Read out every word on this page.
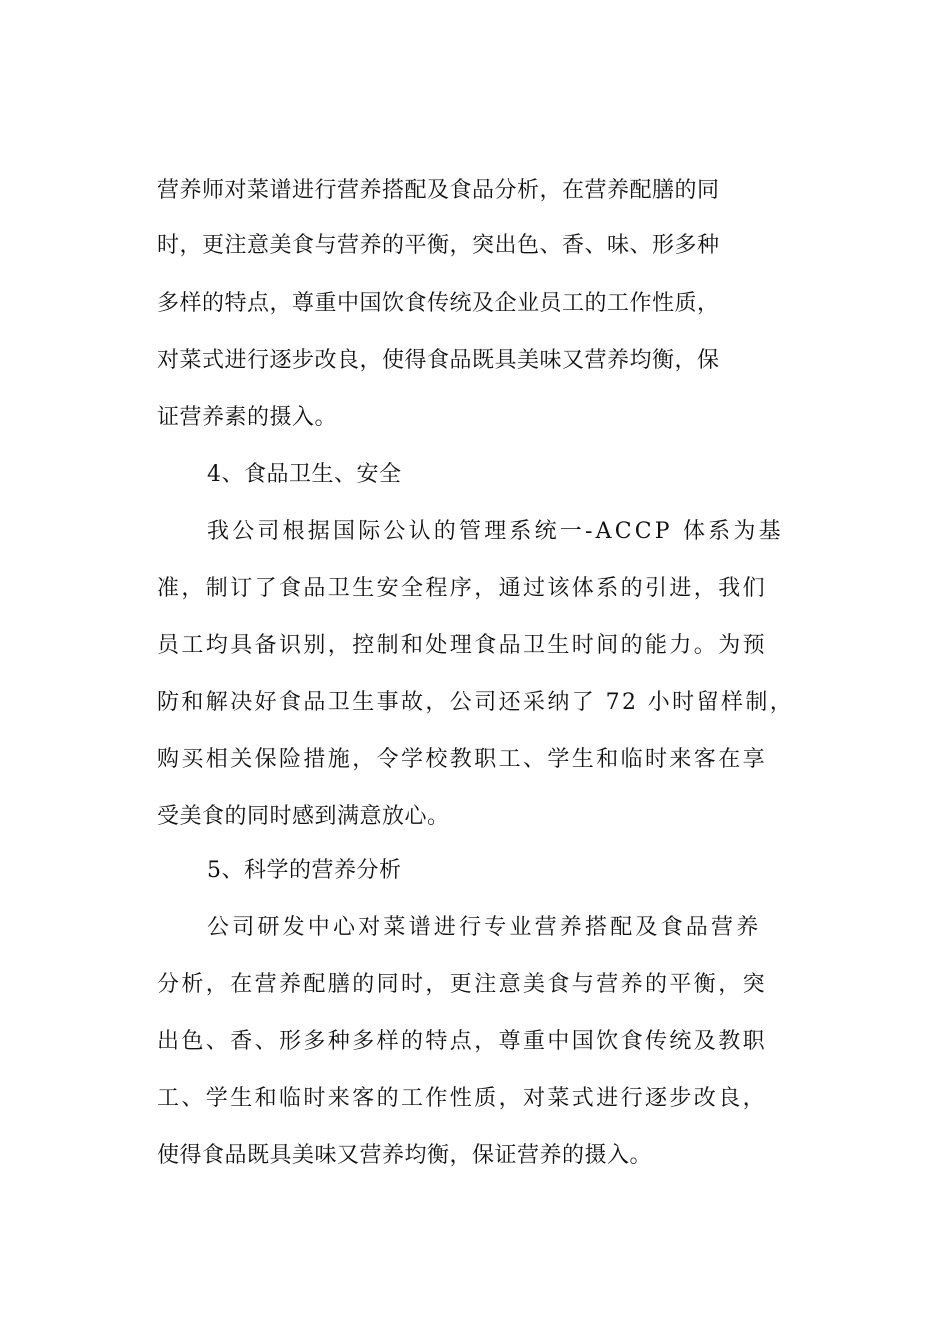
营养师对菜谱进行营养搭配及食品分析，在营养配膳的同
时，更注意美食与营养的平衡，突出色、香、味、形多种
多样的特点，尊重中国饮食传统及企业员工的工作性质，
对菜式进行逐步改良，使得食品既具美味又营养均衡，保
证营养素的摄入。
4、食品卫生、安全
我公司根据国际公认的管理系统一-ACCP 体系为基
准，制订了食品卫生安全程序，通过该体系的引进，我们
员工均具备识别，控制和处理食品卫生时间的能力。为预
防和解决好食品卫生事故，公司还采纳了 72 小时留样制，
购买相关保险措施，令学校教职工、学生和临时来客在享
受美食的同时感到满意放心。
5、科学的营养分析
公司研发中心对菜谱进行专业营养搭配及食品营养
分析，在营养配膳的同时，更注意美食与营养的平衡，突
出色、香、形多种多样的特点，尊重中国饮食传统及教职
工、学生和临时来客的工作性质，对菜式进行逐步改良，
使得食品既具美味又营养均衡，保证营养的摄入。
